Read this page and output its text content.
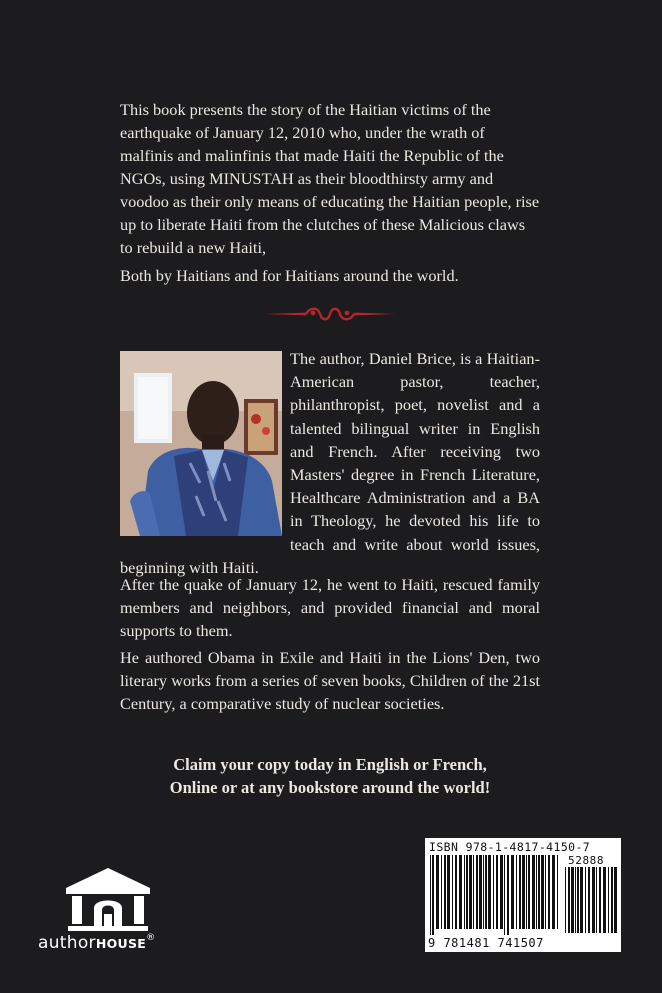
This book presents the story of the Haitian victims of the earthquake of January 12, 2010 who, under the wrath of malfinis and malinfinis that made Haiti the Republic of the NGOs, using MINUSTAH as their bloodthirsty army and voodoo as their only means of educating the Haitian people, rise up to liberate Haiti from the clutches of these Malicious claws to rebuild a new Haiti,

Both by Haitians and for Haitians around the world.

The author, Daniel Brice, is a Haitian-American pastor, teacher, philanthropist, poet, novelist and a talented bilingual writer in English and French. After receiving two Masters' degree in French Literature, Healthcare Administration and a BA in Theology, he devoted his life to teach and write about world issues, beginning with Haiti.

After the quake of January 12, he went to Haiti, rescued family members and neighbors, and provided financial and moral supports to them.

He authored Obama in Exile and Haiti in the Lions' Den, two literary works from a series of seven books, Children of the 21st Century, a comparative study of nuclear societies.

Claim your copy today in English or French,
Online or at any bookstore around the world!
authorHOUSE®
ISBN 978-1-4817-4150-7
52888
9 781481 741507
